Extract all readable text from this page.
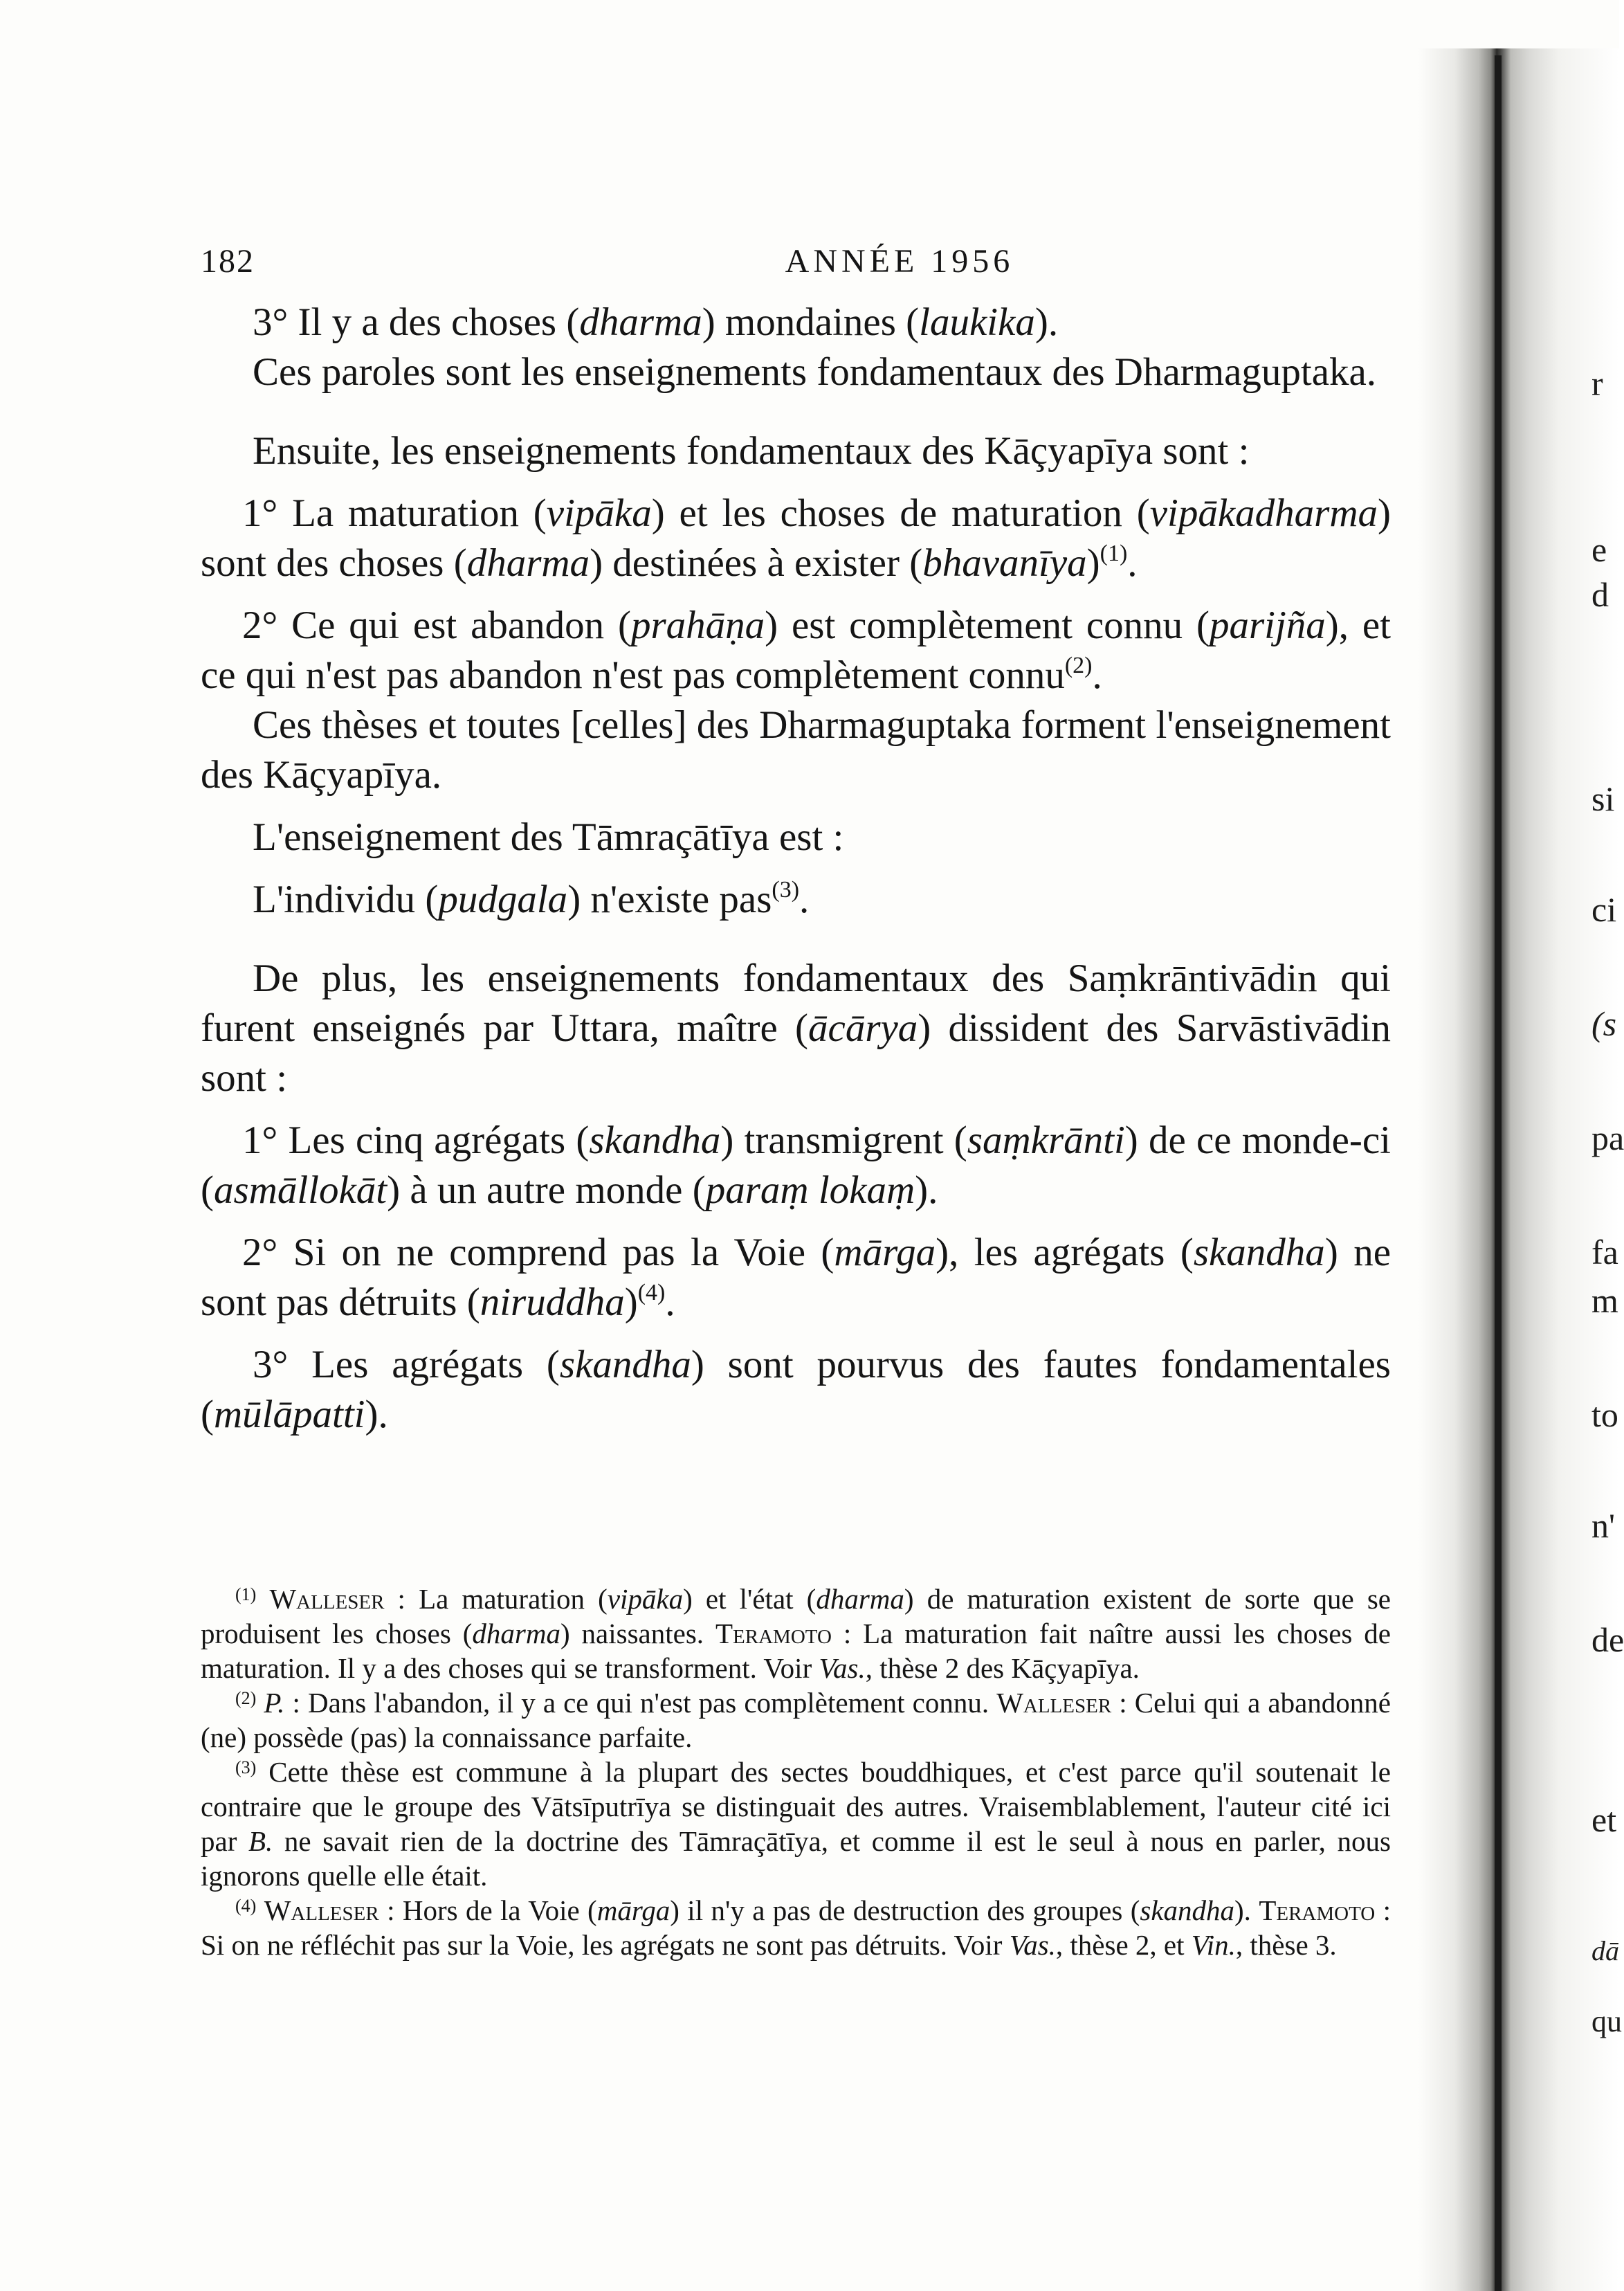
r
e
d
si
ci
(s
pa
fa
m
to
n'
de
et
dā
qu
182	ANNÉE 1956

3° Il y a des choses (dharma) mondaines (laukika).

Ces paroles sont les enseignements fondamentaux des Dharmaguptaka.

Ensuite, les enseignements fondamentaux des Kāçyapīya sont :

1° La maturation (vipāka) et les choses de maturation (vipākadharma) sont des choses (dharma) destinées à exister (bhavanīya)$^{(1)}$.

2° Ce qui est abandon (prahāṇa) est complètement connu (parijña), et ce qui n'est pas abandon n'est pas complètement connu$^{(2)}$.

Ces thèses et toutes [celles] des Dharmaguptaka forment l'enseignement des Kāçyapīya.

L'enseignement des Tāmraçātīya est :

L'individu (pudgala) n'existe pas$^{(3)}$.

De plus, les enseignements fondamentaux des Saṃkrāntivādin qui furent enseignés par Uttara, maître (ācārya) dissident des Sarvāstivādin sont :

1° Les cinq agrégats (skandha) transmigrent (saṃkrānti) de ce monde-ci (asmāllokāt) à un autre monde (paraṃ lokaṃ).

2° Si on ne comprend pas la Voie (mārga), les agrégats (skandha) ne sont pas détruits (niruddha)$^{(4)}$.

3° Les agrégats (skandha) sont pourvus des fautes fondamentales (mūlāpatti).

$^{(1)}$ Walleser : La maturation (vipāka) et l'état (dharma) de maturation existent de sorte que se produisent les choses (dharma) naissantes. Teramoto : La maturation fait naître aussi les choses de maturation. Il y a des choses qui se transforment. Voir Vas., thèse 2 des Kāçyapīya.

$^{(2)}$ P. : Dans l'abandon, il y a ce qui n'est pas complètement connu. Walleser : Celui qui a abandonné (ne) possède (pas) la connaissance parfaite.

$^{(3)}$ Cette thèse est commune à la plupart des sectes bouddhiques, et c'est parce qu'il soutenait le contraire que le groupe des Vātsīputrīya se distinguait des autres. Vraisemblablement, l'auteur cité ici par B. ne savait rien de la doctrine des Tāmraçātīya, et comme il est le seul à nous en parler, nous ignorons quelle elle était.

$^{(4)}$ Walleser : Hors de la Voie (mārga) il n'y a pas de destruction des groupes (skandha). Teramoto : Si on ne réfléchit pas sur la Voie, les agrégats ne sont pas détruits. Voir Vas., thèse 2, et Vin., thèse 3.
